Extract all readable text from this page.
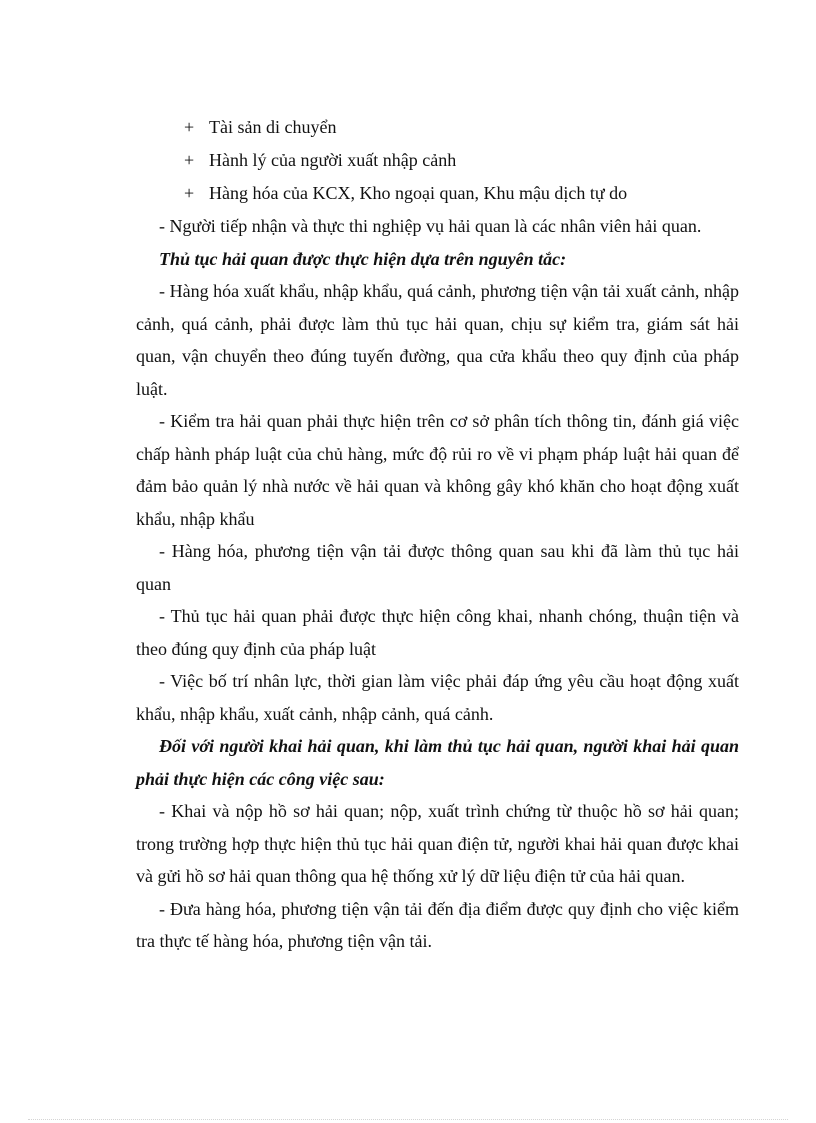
+ Tài sản di chuyển
+ Hành lý của người xuất nhập cảnh
+ Hàng hóa của KCX, Kho ngoại quan, Khu mậu dịch tự do

- Người tiếp nhận và thực thi nghiệp vụ hải quan là các nhân viên hải quan.

Thủ tục hải quan được thực hiện dựa trên nguyên tắc:

- Hàng hóa xuất khẩu, nhập khẩu, quá cảnh, phương tiện vận tải xuất cảnh, nhập cảnh, quá cảnh, phải được làm thủ tục hải quan, chịu sự kiểm tra, giám sát hải quan, vận chuyển theo đúng tuyến đường, qua cửa khẩu theo quy định của pháp luật.

- Kiểm tra hải quan phải thực hiện trên cơ sở phân tích thông tin, đánh giá việc chấp hành pháp luật của chủ hàng, mức độ rủi ro về vi phạm pháp luật hải quan để đảm bảo quản lý nhà nước về hải quan và không gây khó khăn cho hoạt động xuất khẩu, nhập khẩu

- Hàng hóa, phương tiện vận tải được thông quan sau khi đã làm thủ tục hải quan

- Thủ tục hải quan phải được thực hiện công khai, nhanh chóng, thuận tiện và theo đúng quy định của pháp luật

- Việc bố trí nhân lực, thời gian làm việc phải đáp ứng yêu cầu hoạt động xuất khẩu, nhập khẩu, xuất cảnh, nhập cảnh, quá cảnh.

Đối với người khai hải quan, khi làm thủ tục hải quan, người khai hải quan phải thực hiện các công việc sau:

- Khai và nộp hồ sơ hải quan; nộp, xuất trình chứng từ thuộc hồ sơ hải quan; trong trường hợp thực hiện thủ tục hải quan điện tử, người khai hải quan được khai và gửi hồ sơ hải quan thông qua hệ thống xử lý dữ liệu điện tử của hải quan.

- Đưa hàng hóa, phương tiện vận tải đến địa điểm được quy định cho việc kiểm tra thực tế hàng hóa, phương tiện vận tải.
